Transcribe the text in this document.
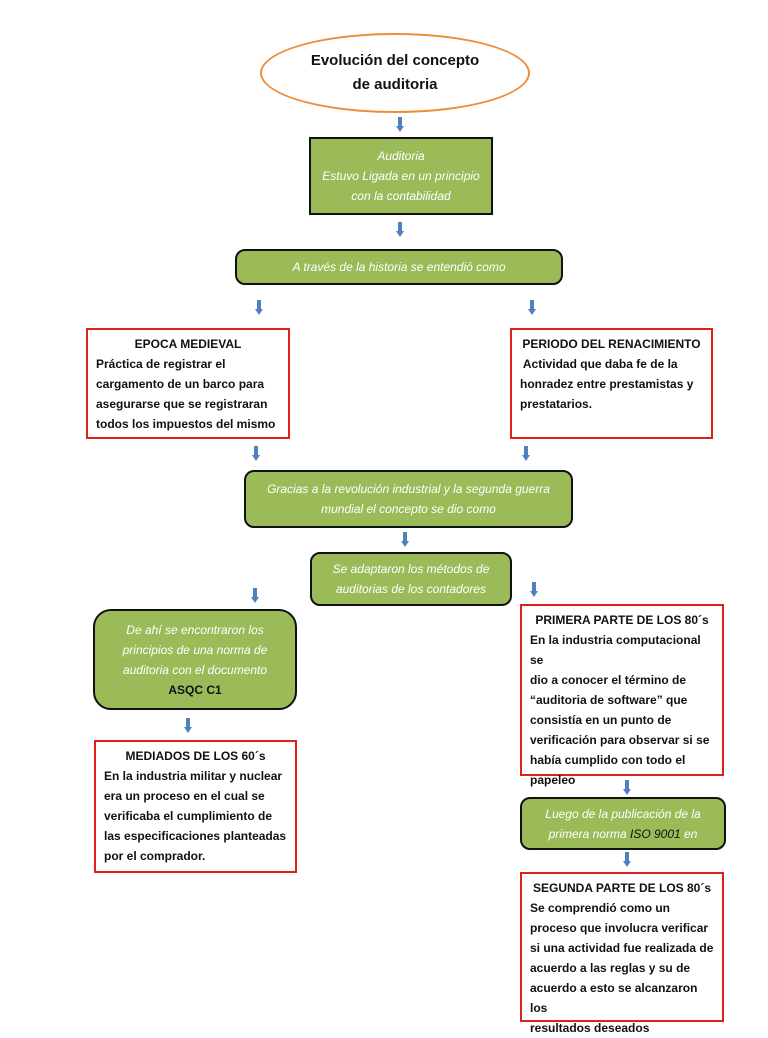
Evolución del concepto
de auditoria
Auditoria
Estuvo Ligada en un principio
con la contabilidad
A través de la historia se entendió como
EPOCA MEDIEVAL
Práctica de registrar el
cargamento de un barco para
asegurarse que se registraran
todos los impuestos del mismo
PERIODO DEL RENACIMIENTO
Actividad que daba fe de la
honradez entre prestamistas y
prestatarios.
Gracias a la revolución industrial y la segunda guerra
mundial el concepto se dio como
Se adaptaron los métodos de
auditorias de los contadores
De ahí se encontraron los
principios de una norma de
auditoria con el documento
ASQC C1
MEDIADOS DE LOS 60´s
En la industria militar y nuclear
era un proceso en el cual se
verificaba el cumplimiento de
las especificaciones planteadas
por el comprador.
PRIMERA PARTE DE LOS 80´s
En la industria computacional se
dio a conocer el término de
“auditoria de software” que
consistía en un punto de
verificación para observar si se
había cumplido con todo el
papeleo
Luego de la publicación de la
primera norma ISO 9001 en
SEGUNDA PARTE DE LOS 80´s
Se comprendió como un
proceso que involucra verificar
si una actividad fue realizada de
acuerdo a las reglas y su de
acuerdo a esto se alcanzaron los
resultados deseados
